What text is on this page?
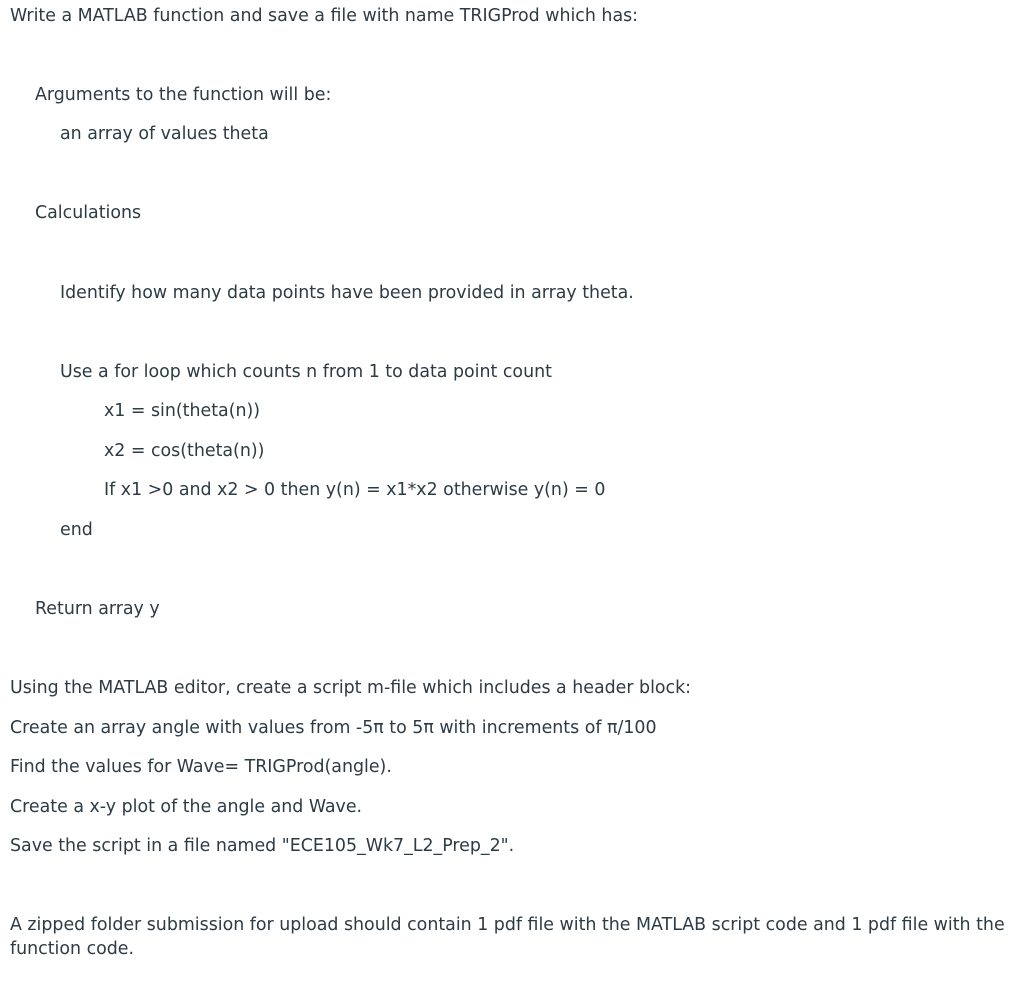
Write a MATLAB function and save a file with name TRIGProd which has:

Arguments to the function will be:

an array of values theta

Calculations

Identify how many data points have been provided in array theta.

Use a for loop which counts n from 1 to data point count

x1 = sin(theta(n))

x2 = cos(theta(n))

If x1 >0 and x2 > 0 then y(n) = x1*x2 otherwise y(n) = 0

end

Return array y

Using the MATLAB editor, create a script m-file which includes a header block:

Create an array angle with values from -5π to 5π with increments of π/100

Find the values for Wave= TRIGProd(angle).

Create a x-y plot of the angle and Wave.

Save the script in a file named "ECE105_Wk7_L2_Prep_2".

A zipped folder submission for upload should contain 1 pdf file with the MATLAB script code and 1 pdf file with the function code.
